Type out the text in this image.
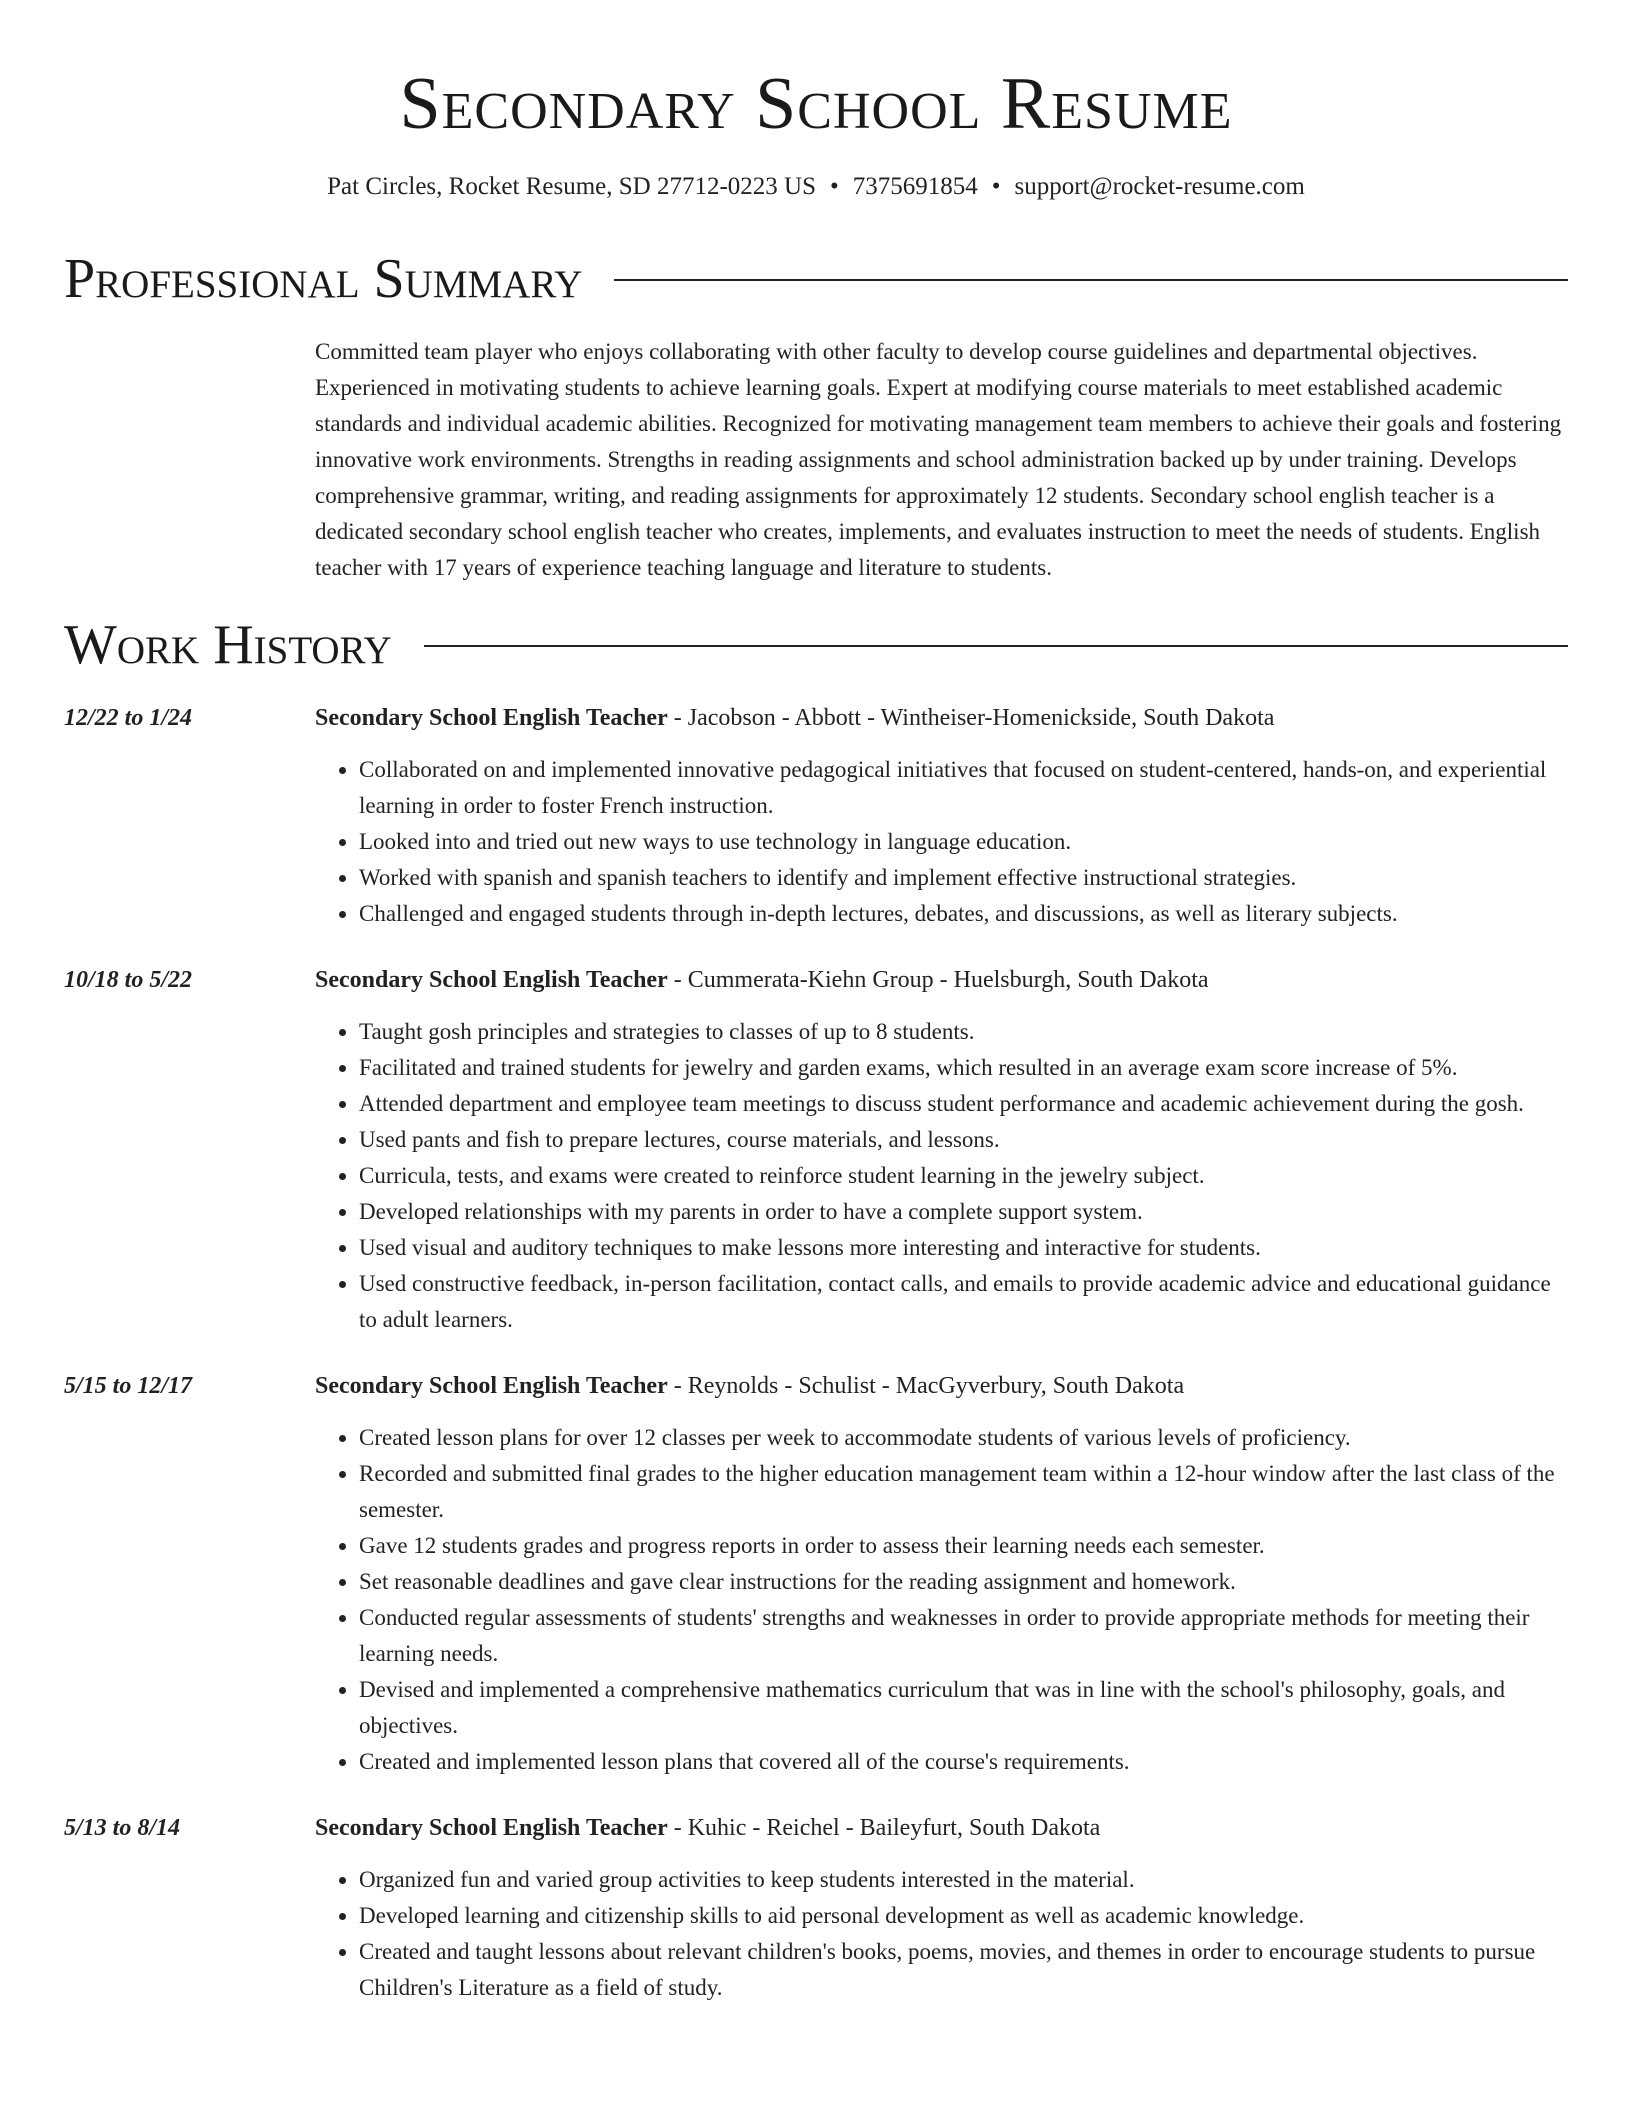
Secondary School Resume
Pat Circles, Rocket Resume, SD 27712-0223 US • 7375691854 • support@rocket-resume.com
Professional Summary

Committed team player who enjoys collaborating with other faculty to develop course guidelines and departmental objectives. Experienced in motivating students to achieve learning goals. Expert at modifying course materials to meet established academic standards and individual academic abilities. Recognized for motivating management team members to achieve their goals and fostering innovative work environments. Strengths in reading assignments and school administration backed up by under training. Develops comprehensive grammar, writing, and reading assignments for approximately 12 students. Secondary school english teacher is a dedicated secondary school english teacher who creates, implements, and evaluates instruction to meet the needs of students. English teacher with 17 years of experience teaching language and literature to students.

Work History
12/22 to 1/24	Secondary School English Teacher - Jacobson - Abbott - Wintheiser-Homenickside, South Dakota
• Collaborated on and implemented innovative pedagogical initiatives that focused on student-centered, hands-on, and experiential learning in order to foster French instruction.
• Looked into and tried out new ways to use technology in language education.
• Worked with spanish and spanish teachers to identify and implement effective instructional strategies.
• Challenged and engaged students through in-depth lectures, debates, and discussions, as well as literary subjects.
10/18 to 5/22	Secondary School English Teacher - Cummerata-Kiehn Group - Huelsburgh, South Dakota
• Taught gosh principles and strategies to classes of up to 8 students.
• Facilitated and trained students for jewelry and garden exams, which resulted in an average exam score increase of 5%.
• Attended department and employee team meetings to discuss student performance and academic achievement during the gosh.
• Used pants and fish to prepare lectures, course materials, and lessons.
• Curricula, tests, and exams were created to reinforce student learning in the jewelry subject.
• Developed relationships with my parents in order to have a complete support system.
• Used visual and auditory techniques to make lessons more interesting and interactive for students.
• Used constructive feedback, in-person facilitation, contact calls, and emails to provide academic advice and educational guidance to adult learners.
5/15 to 12/17	Secondary School English Teacher - Reynolds - Schulist - MacGyverbury, South Dakota
• Created lesson plans for over 12 classes per week to accommodate students of various levels of proficiency.
• Recorded and submitted final grades to the higher education management team within a 12-hour window after the last class of the semester.
• Gave 12 students grades and progress reports in order to assess their learning needs each semester.
• Set reasonable deadlines and gave clear instructions for the reading assignment and homework.
• Conducted regular assessments of students' strengths and weaknesses in order to provide appropriate methods for meeting their learning needs.
• Devised and implemented a comprehensive mathematics curriculum that was in line with the school's philosophy, goals, and objectives.
• Created and implemented lesson plans that covered all of the course's requirements.
5/13 to 8/14	Secondary School English Teacher - Kuhic - Reichel - Baileyfurt, South Dakota
• Organized fun and varied group activities to keep students interested in the material.
• Developed learning and citizenship skills to aid personal development as well as academic knowledge.
• Created and taught lessons about relevant children's books, poems, movies, and themes in order to encourage students to pursue Children's Literature as a field of study.
